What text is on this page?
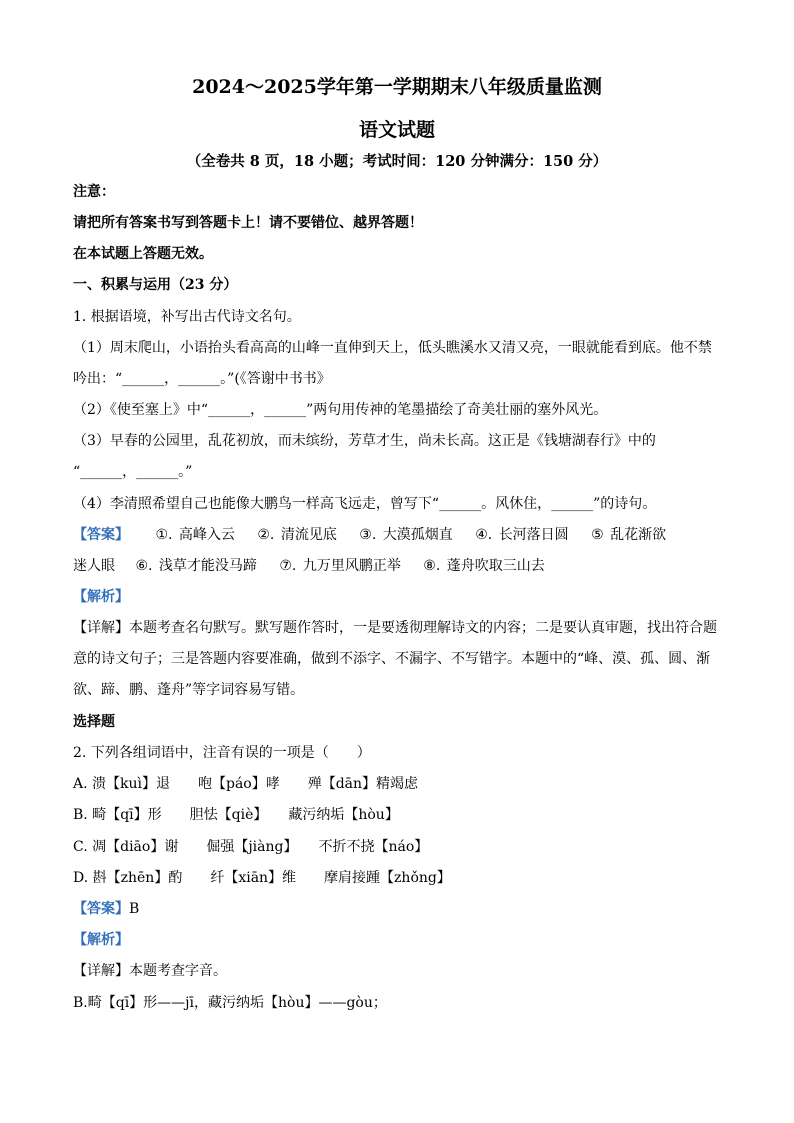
2024～2025学年第一学期期末八年级质量监测
语文试题
（全卷共 8 页，18 小题；考试时间：120 分钟满分：150 分）
注意：
请把所有答案书写到答题卡上！请不要错位、越界答题！
在本试题上答题无效。
一、积累与运用（23 分）
1. 根据语境，补写出古代诗文名句。
（1）周末爬山，小语抬头看高高的山峰一直伸到天上，低头瞧溪水又清又亮，一眼就能看到底。他不禁
吟出：“______，______。”(《答谢中书书》
（2）《使至塞上》中“______，______”两句用传神的笔墨描绘了奇美壮丽的塞外风光。
（3）早春的公园里，乱花初放，而未缤纷，芳草才生，尚未长高。这正是《钱塘湖春行》中的
“______，______。”
（4）李清照希望自己也能像大鹏鸟一样高飞远走，曾写下“______。风休住，______”的诗句。
【答案】 ①. 高峰入云 ②. 清流见底 ③. 大漠孤烟直 ④. 长河落日圆 ⑤ 乱花渐欲
迷人眼 ⑥. 浅草才能没马蹄 ⑦. 九万里风鹏正举 ⑧. 蓬舟吹取三山去
【解析】
【详解】本题考查名句默写。默写题作答时，一是要透彻理解诗文的内容；二是要认真审题，找出符合题
意的诗文句子；三是答题内容要准确，做到不添字、不漏字、不写错字。本题中的“峰、漠、孤、圆、渐
欲、蹄、鹏、蓬舟”等字词容易写错。
选择题
2. 下列各组词语中，注音有误的一项是（　　）
A. 溃【kuì】退　　咆【páo】哮　　殚【dān】精竭虑
B. 畸【qī】形　　胆怯【qiè】　　藏污纳垢【hòu】
C. 凋【diāo】谢　　倔强【jiàng】　　不折不挠【náo】
D. 斟【zhēn】酌　　纤【xiān】维　　摩肩接踵【zhǒng】
【答案】B
【解析】
【详解】本题考查字音。
B.畸【qī】形——jī，藏污纳垢【hòu】——gòu；
